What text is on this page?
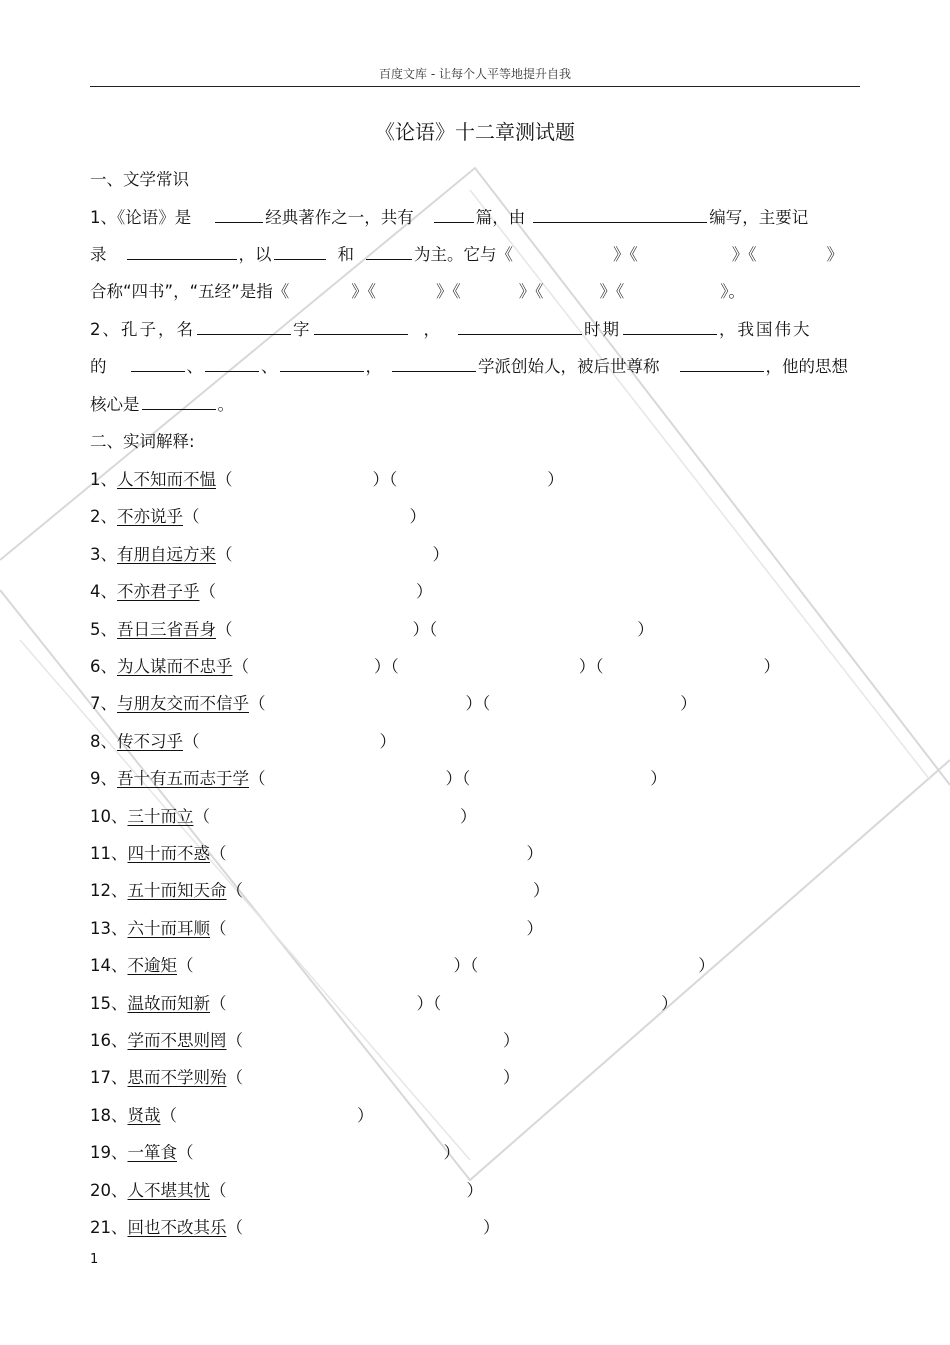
百度文库 - 让每个人平等地提升自我
《论语》十二章测试题
一、文学常识
1、《论语》是	经典著作之一，共有	篇，由	编写，主要记
录	，以	和	为主。它与《	》《	》《	》
合称“四书”，“五经”是指《	》《	》《	》《	》《	》。
2、孔子，名	字	，	时期	，我国伟大
的	、	、	，	学派创始人，被后世尊称	，他的思想
核心是	。
二、实词解释:
1、人不知而不愠（	）（	）
2、不亦说乎（	）
3、有朋自远方来（	）
4、不亦君子乎（	）
5、吾日三省吾身（	）（	）
6、为人谋而不忠乎（	）（	）（	）
7、与朋友交而不信乎（	）（	）
8、传不习乎（	）
9、吾十有五而志于学（	）（	）
10、三十而立（	）
11、四十而不惑（	）
12、五十而知天命（	）
13、六十而耳顺（	）
14、不逾矩（	）（	）
15、温故而知新（	）（	）
16、学而不思则罔（	）
17、思而不学则殆（	）
18、贤哉（	）
19、一箪食（	）
20、人不堪其忧（	）
21、回也不改其乐（	）
1
